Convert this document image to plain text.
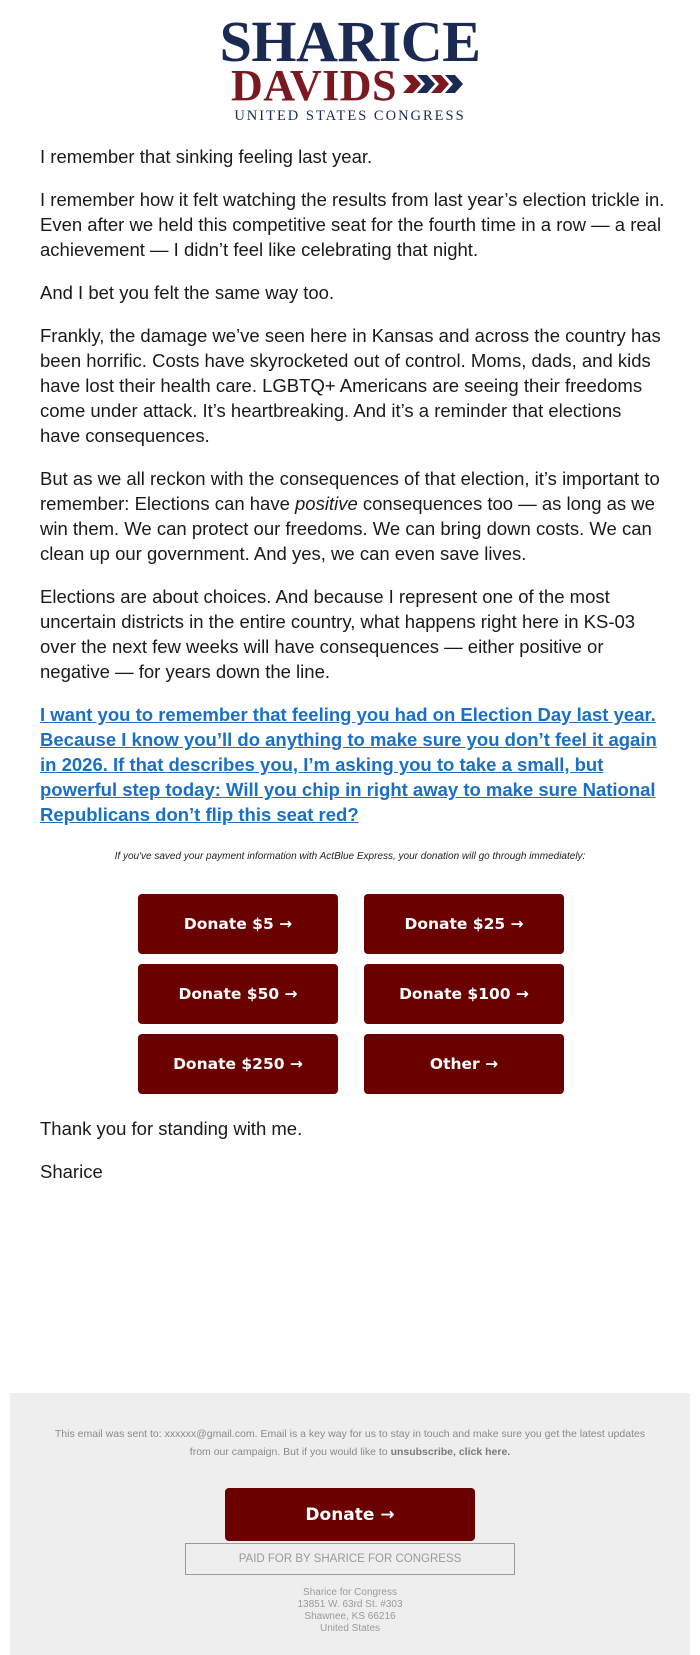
SHARICE
DAVIDS
UNITED STATES CONGRESS

I remember that sinking feeling last year.

I remember how it felt watching the results from last year’s election trickle in. Even after we held this competitive seat for the fourth time in a row — a real achievement — I didn’t feel like celebrating that night.

And I bet you felt the same way too.

Frankly, the damage we’ve seen here in Kansas and across the country has been horrific. Costs have skyrocketed out of control. Moms, dads, and kids have lost their health care. LGBTQ+ Americans are seeing their freedoms come under attack. It’s heartbreaking. And it’s a reminder that elections have consequences.

But as we all reckon with the consequences of that election, it’s important to remember: Elections can have positive consequences too — as long as we win them. We can protect our freedoms. We can bring down costs. We can clean up our government. And yes, we can even save lives.

Elections are about choices. And because I represent one of the most uncertain districts in the entire country, what happens right here in KS-03 over the next few weeks will have consequences — either positive or negative — for years down the line.

I want you to remember that feeling you had on Election Day last year. Because I know you’ll do anything to make sure you don’t feel it again in 2026. If that describes you, I’m asking you to take a small, but powerful step today: Will you chip in right away to make sure National Republicans don’t flip this seat red?

If you've saved your payment information with ActBlue Express, your donation will go through immediately:
Donate $5 →	Donate $25 →
Donate $50 →	Donate $100 →
Donate $250 →	Other →

Thank you for standing with me.

Sharice

This email was sent to: xxxxxx@gmail.com. Email is a key way for us to stay in touch and make sure you get the latest updates from our campaign. But if you would like to unsubscribe, click here.
Donate →
PAID FOR BY SHARICE FOR CONGRESS
Sharice for Congress
13851 W. 63rd St. #303
Shawnee, KS 66216
United States
